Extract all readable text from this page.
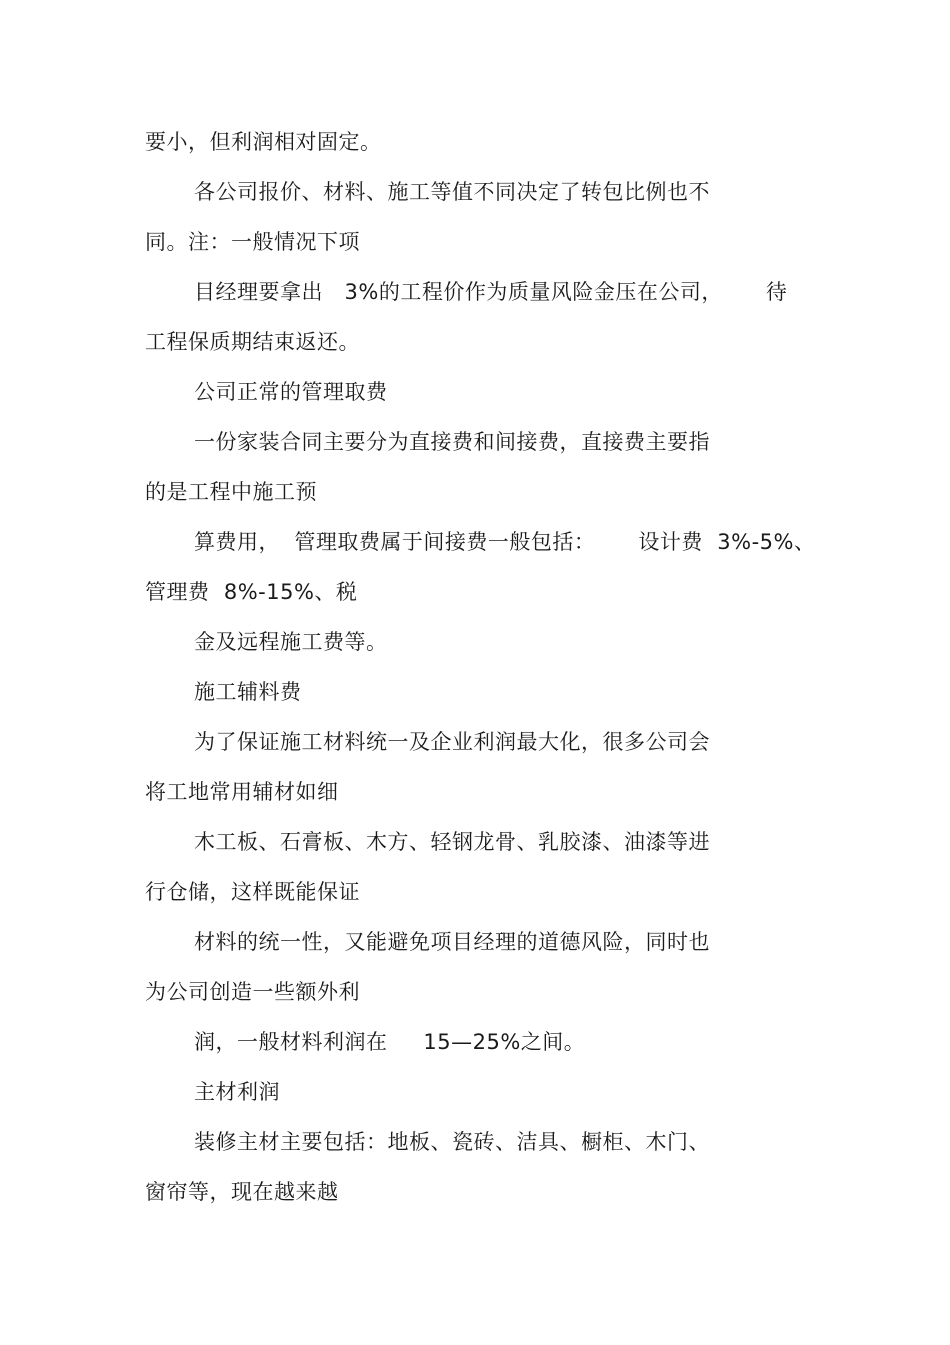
要小，但利润相对固定。
各公司报价、材料、施工等值不同决定了转包比例也不
同。注：一般情况下项
目经理要拿出   3%的工程价作为质量风险金压在公司，      待
工程保质期结束返还。
公司正常的管理取费
一份家装合同主要分为直接费和间接费，直接费主要指
的是工程中施工预
算费用，  管理取费属于间接费一般包括：      设计费  3%-5%、
管理费  8%-15%、税
金及远程施工费等。
施工辅料费
为了保证施工材料统一及企业利润最大化，很多公司会
将工地常用辅材如细
木工板、石膏板、木方、轻钢龙骨、乳胶漆、油漆等进
行仓储，这样既能保证
材料的统一性，又能避免项目经理的道德风险，同时也
为公司创造一些额外利
润，一般材料利润在     15—25%之间。
主材利润
装修主材主要包括：地板、瓷砖、洁具、橱柜、木门、
窗帘等，现在越来越
